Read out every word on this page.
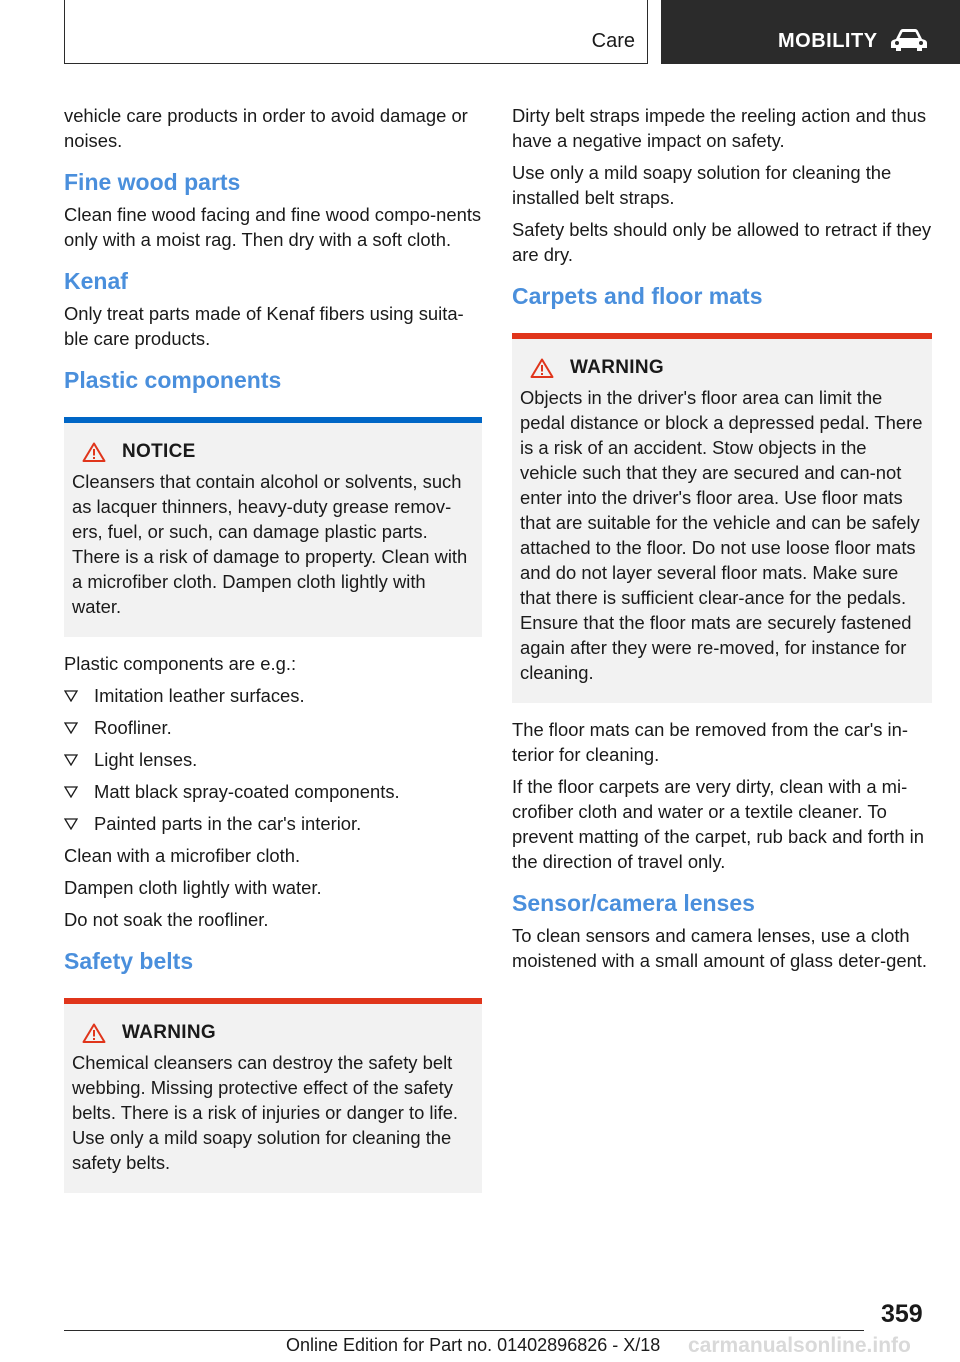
Care	MOBILITY

vehicle care products in order to avoid damage or noises.

Fine wood parts

Clean fine wood facing and fine wood compo-nents only with a moist rag. Then dry with a soft cloth.

Kenaf

Only treat parts made of Kenaf fibers using suita-ble care products.

Plastic components
NOTICE

Cleansers that contain alcohol or solvents, such as lacquer thinners, heavy-duty grease remov-ers, fuel, or such, can damage plastic parts. There is a risk of damage to property. Clean with a microfiber cloth. Dampen cloth lightly with water.

Plastic components are e.g.:

Imitation leather surfaces.
Roofliner.
Light lenses.
Matt black spray-coated components.
Painted parts in the car's interior.

Clean with a microfiber cloth.

Dampen cloth lightly with water.

Do not soak the roofliner.

Safety belts
WARNING

Chemical cleansers can destroy the safety belt webbing. Missing protective effect of the safety belts. There is a risk of injuries or danger to life. Use only a mild soapy solution for cleaning the safety belts.

Dirty belt straps impede the reeling action and thus have a negative impact on safety.

Use only a mild soapy solution for cleaning the installed belt straps.

Safety belts should only be allowed to retract if they are dry.

Carpets and floor mats
WARNING

Objects in the driver's floor area can limit the pedal distance or block a depressed pedal. There is a risk of an accident. Stow objects in the vehicle such that they are secured and can-not enter into the driver's floor area. Use floor mats that are suitable for the vehicle and can be safely attached to the floor. Do not use loose floor mats and do not layer several floor mats. Make sure that there is sufficient clear-ance for the pedals. Ensure that the floor mats are securely fastened again after they were re-moved, for instance for cleaning.

The floor mats can be removed from the car's in-terior for cleaning.

If the floor carpets are very dirty, clean with a mi-crofiber cloth and water or a textile cleaner. To prevent matting of the carpet, rub back and forth in the direction of travel only.

Sensor/camera lenses

To clean sensors and camera lenses, use a cloth moistened with a small amount of glass deter-gent.

359
Online Edition for Part no. 01402896826 - X/18 carmanualsonline.info
